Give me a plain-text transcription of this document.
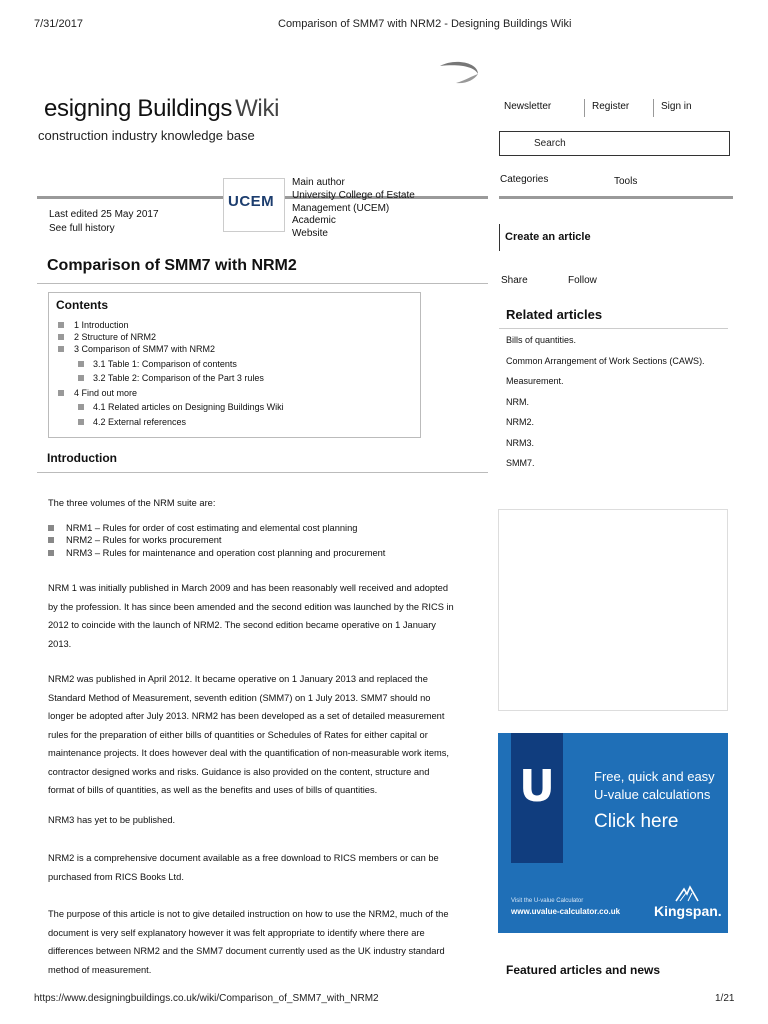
7/31/2017	Comparison of SMM7 with NRM2 - Designing Buildings Wiki
esigning Buildings Wiki
construction industry knowledge base
Newsletter	Register	Sign in
Search
Categories	Tools
UCEM
Main author
University College of Estate Management (UCEM)
Academic
Website
Last edited 25 May 2017
See full history
Create an article
Comparison of SMM7 with NRM2
Share	Follow
Contents
1 Introduction
2 Structure of NRM2
3 Comparison of SMM7 with NRM2
3.1 Table 1: Comparison of contents
3.2 Table 2: Comparison of the Part 3 rules
4 Find out more
4.1 Related articles on Designing Buildings Wiki
4.2 External references
Introduction

The three volumes of the NRM suite are:

NRM1 – Rules for order of cost estimating and elemental cost planning
NRM2 – Rules for works procurement
NRM3 – Rules for maintenance and operation cost planning and procurement

NRM 1 was initially published in March 2009 and has been reasonably well received and adopted by the profession. It has since been amended and the second edition was launched by the RICS in 2012 to coincide with the launch of NRM2. The second edition became operative on 1 January 2013.

NRM2 was published in April 2012. It became operative on 1 January 2013 and replaced the Standard Method of Measurement, seventh edition (SMM7) on 1 July 2013. SMM7 should no longer be adopted after July 2013. NRM2 has been developed as a set of detailed measurement rules for the preparation of either bills of quantities or Schedules of Rates for either capital or maintenance projects. It does however deal with the quantification of non-measurable work items, contractor designed works and risks. Guidance is also provided on the content, structure and format of bills of quantities, as well as the benefits and uses of bills of quantities.

NRM3 has yet to be published.

NRM2 is a comprehensive document available as a free download to RICS members or can be purchased from RICS Books Ltd.

The purpose of this article is not to give detailed instruction on how to use the NRM2, much of the document is very self explanatory however it was felt appropriate to identify where there are differences between NRM2 and the SMM7 document currently used as the UK industry standard method of measurement.

Related articles
Bills of quantities.
Common Arrangement of Work Sections (CAWS).
Measurement.
NRM.
NRM2.
NRM3.
SMM7.
U	Free, quick and easy
U-value calculations
Click here
Visit the U-value Calculator
www.uvalue-calculator.co.uk Kingspan.
Featured articles and news
https://www.designingbuildings.co.uk/wiki/Comparison_of_SMM7_with_NRM2	1/21
